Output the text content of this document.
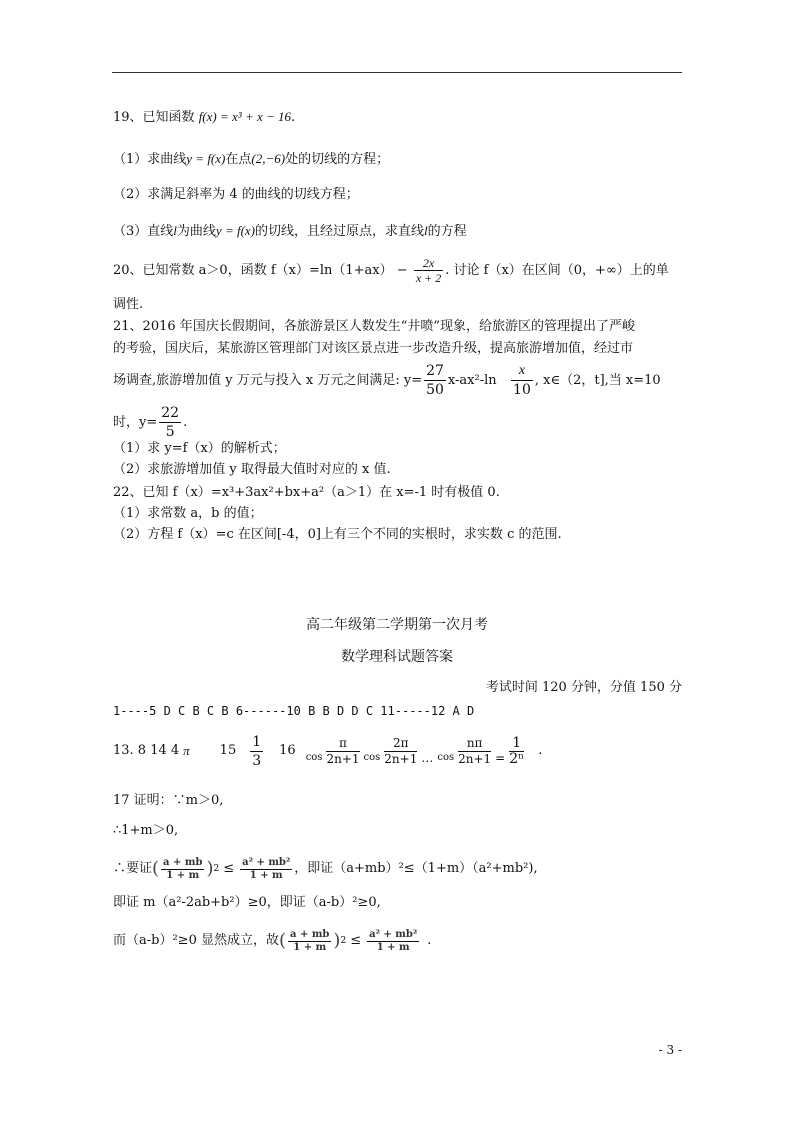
19、已知函数 f(x) = x³ + x − 16.
（1）求曲线y = f(x)在点(2,−6)处的切线的方程；
（2）求满足斜率为 4 的曲线的切线方程；
（3）直线l为曲线y = f(x)的切线，且经过原点，求直线l的方程
20、已知常数 a＞0，函数 $f(x)=\ln(1+ax) - \frac{2x}{x + 2}$ . 讨论 f（x）在区间（0，+∞）上的单
调性.
21、2016 年国庆长假期间，各旅游景区人数发生“井喷”现象，给旅游区的管理提出了严峻
的考验，国庆后，某旅游区管理部门对该区景点进一步改造升级，提高旅游增加值，经过市
场调查,旅游增加值 y 万元与投入 x 万元之间满足: $y= \frac{27}{50} x-ax^2-\ln \frac{x}{10}$ , x∈（2，t],当 x=10
时，$y= \frac{22}{5}$ .
（1）求 y=f（x）的解析式；
（2）求旅游增加值 y 取得最大值时对应的 x 值.
22、已知 f（x）=x³+3ax²+bx+a²（a＞1）在 x=-1 时有极值 0.
（1）求常数 a，b 的值；
（2）方程 f（x）=c 在区间[-4，0]上有三个不同的实根时，求实数 c 的范围.
高二年级第二学期第一次月考
数学理科试题答案
考试时间 120 分钟，分值 150 分
1----5 D C B C B 6------10 B B D D C 11-----12 A D
13. 8 14 4 π $15 \frac{1}{3} 16$ $\cos \frac{\pi}{2n+1}$ $\cos \frac{2\pi}{2n+1}$ … $\cos \frac{n\pi}{2n+1} = \frac{1}{\text{2ⁿ}}$ .
17 证明：∵m＞0,
∴1+m＞0,
∴要证 ( $\frac{a + mb}{1 + m}$ ) $2 \le \frac{\text{a² + mb²}}{1 + m}$ ，即证（a+mb）²≤（1+m）（a²+mb²),
即证 m（a²-2ab+b²）≥0，即证（a-b）²≥0,
而（a-b）²≥0 显然成立，故 ( $\frac{a + mb}{1 + m}$ ) $2 \le \frac{\text{a² + mb²}}{1 + m}$ .
- 3 -
